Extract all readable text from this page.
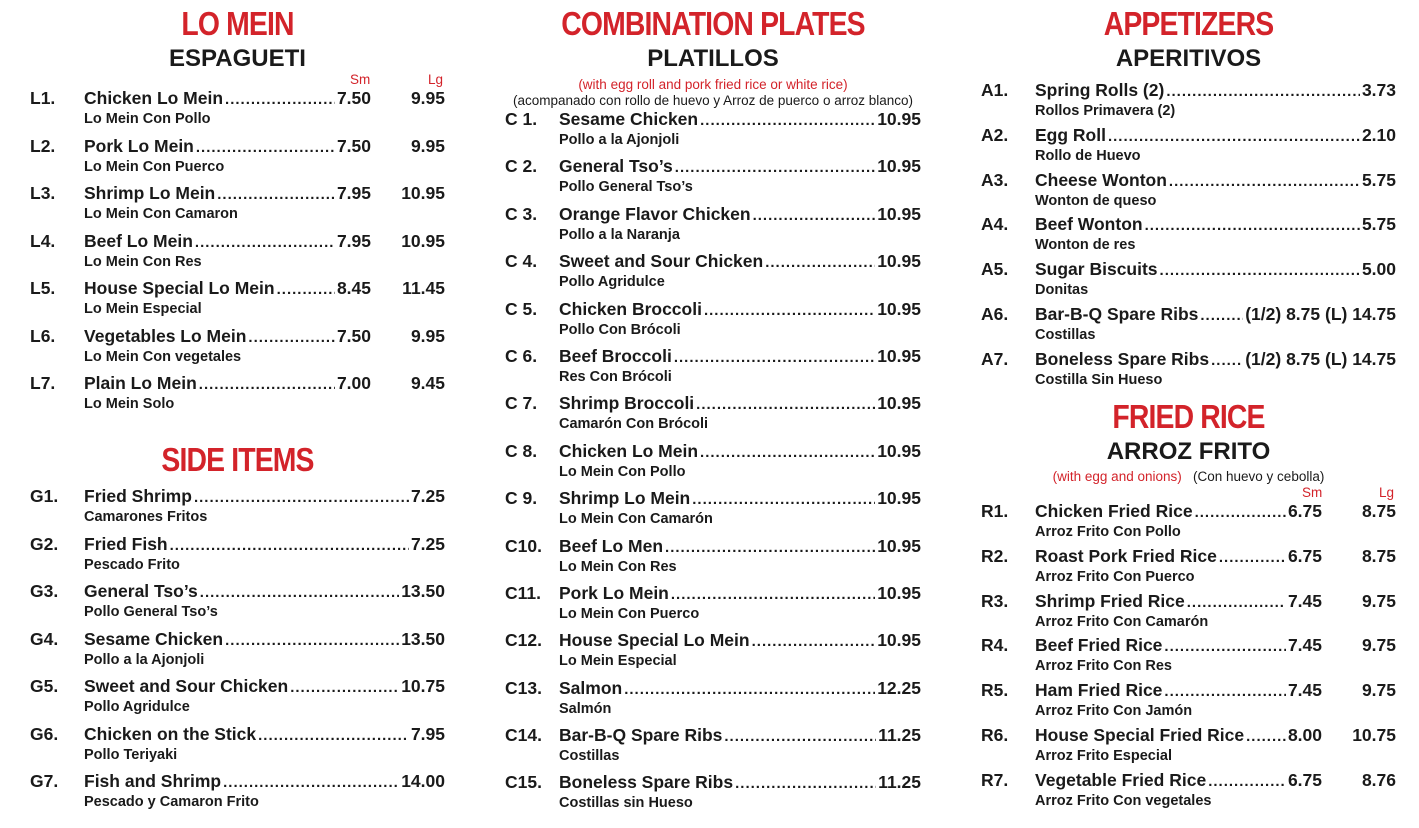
LO MEIN
ESPAGUETI
Sm	Lg
L1.	Chicken Lo Mein .....	7.50	9.95
Lo Mein Con Pollo
L2.	Pork Lo Mein .....	7.50	9.95
Lo Mein Con Puerco
L3.	Shrimp Lo Mein .....	7.95	10.95
Lo Mein Con Camaron
L4.	Beef Lo Mein .....	7.95	10.95
Lo Mein Con Res
L5.	House Special Lo Mein .....	8.45	11.45
Lo Mein Especial
L6.	Vegetables Lo Mein .....	7.50	9.95
Lo Mein Con vegetales
L7.	Plain Lo Mein .....	7.00	9.45
Lo Mein Solo
SIDE ITEMS
G1.	Fried Shrimp .....	7.25
Camarones Fritos
G2.	Fried Fish .....	7.25
Pescado Frito
G3.	General Tso’s .....	13.50
Pollo General Tso’s
G4.	Sesame Chicken .....	13.50
Pollo a la Ajonjoli
G5.	Sweet and Sour Chicken .....	10.75
Pollo Agridulce
G6.	Chicken on the Stick .....	7.95
Pollo Teriyaki
G7.	Fish and Shrimp .....	14.00
Pescado y Camaron Frito
COMBINATION PLATES
PLATILLOS
(with egg roll and pork fried rice or white rice)
(acompanado con rollo de huevo y Arroz de puerco o arroz blanco)
C 1.	Sesame Chicken .....	10.95
Pollo a la Ajonjoli
C 2.	General Tso’s .....	10.95
Pollo General Tso’s
C 3.	Orange Flavor Chicken .....	10.95
Pollo a la Naranja
C 4.	Sweet and Sour Chicken .....	10.95
Pollo Agridulce
C 5.	Chicken Broccoli .....	10.95
Pollo Con Brócoli
C 6.	Beef Broccoli .....	10.95
Res Con Brócoli
C 7.	Shrimp Broccoli .....	10.95
Camarón Con Brócoli
C 8.	Chicken Lo Mein .....	10.95
Lo Mein Con Pollo
C 9.	Shrimp Lo Mein .....	10.95
Lo Mein Con Camarón
C10. Beef Lo Men .....	10.95
Lo Mein Con Res
C11.	Pork Lo Mein .....	10.95
Lo Mein Con Puerco
C12. House Special Lo Mein .....	10.95
Lo Mein Especial
C13. Salmon .....	12.25
Salmón
C14. Bar-B-Q Spare Ribs .....	11.25
Costillas
C15. Boneless Spare Ribs .....	11.25
Costillas sin Hueso
APPETIZERS
APERITIVOS
A1.	Spring Rolls (2) .....	3.73
Rollos Primavera (2)
A2.	Egg Roll .....	2.10
Rollo de Huevo
A3.	Cheese Wonton .....	5.75
Wonton de queso
A4.	Beef Wonton .....	5.75
Wonton de res
A5.	Sugar Biscuits .....	5.00
Donitas
A6.	Bar-B-Q Spare Ribs .....	(1/2) 8.75 (L) 14.75
Costillas
A7.	Boneless Spare Ribs ..... (1/2) 8.75 (L) 14.75
Costilla Sin Hueso
FRIED RICE
ARROZ FRITO
(with egg and onions) (Con huevo y cebolla)
Sm	Lg
R1.	Chicken Fried Rice .....	6.75	8.75
Arroz Frito Con Pollo
R2.	Roast Pork Fried Rice .....	6.75	8.75
Arroz Frito Con Puerco
R3.	Shrimp Fried Rice .....	7.45	9.75
Arroz Frito Con Camarón
R4.	Beef Fried Rice .....	7.45	9.75
Arroz Frito Con Res
R5.	Ham Fried Rice .....	7.45	9.75
Arroz Frito Con Jamón
R6.	House Special Fried Rice .....	8.00	10.75
Arroz Frito Especial
R7.	Vegetable Fried Rice .....	6.75	8.76
Arroz Frito Con vegetales
